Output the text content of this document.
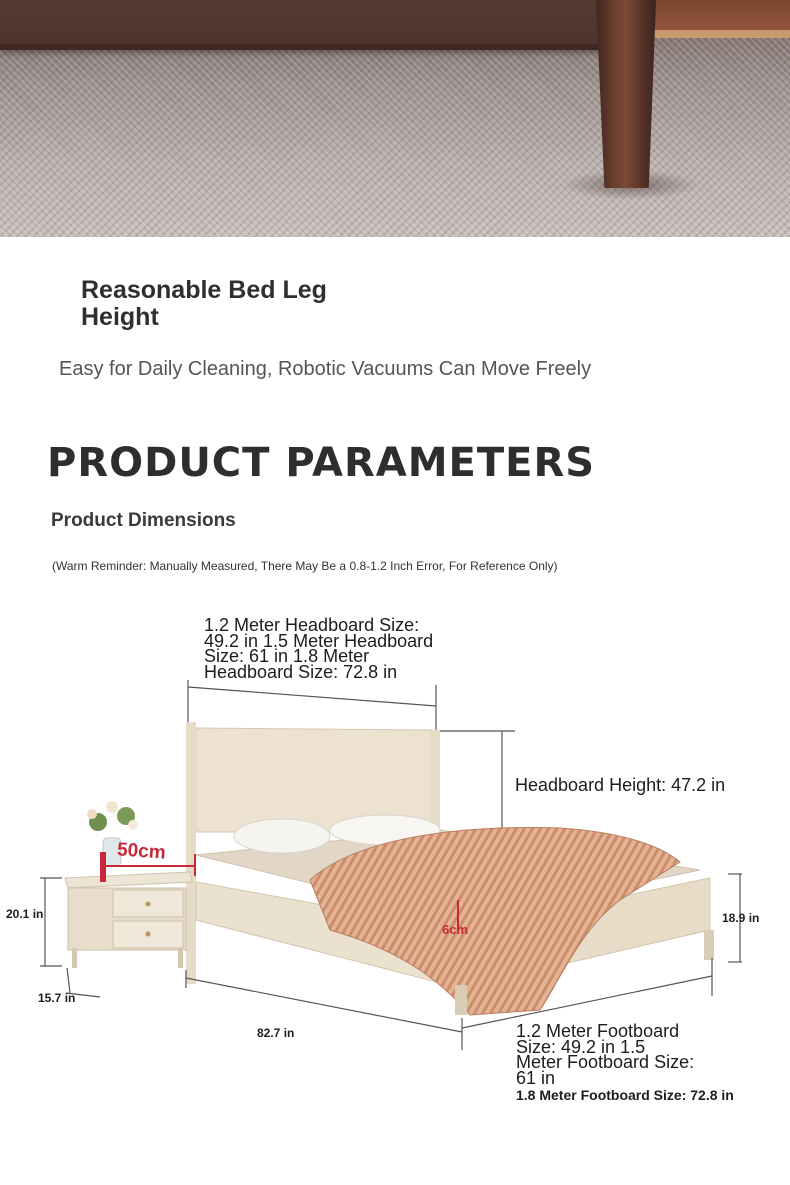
Reasonable Bed Leg Height

Easy for Daily Cleaning, Robotic Vacuums Can Move Freely

PRODUCT PARAMETERS
Product Dimensions

(Warm Reminder: Manually Measured, There May Be a 0.8-1.2 Inch Error, For Reference Only)

1.2 Meter Headboard Size: 49.2 in 1.5 Meter Headboard Size: 61 in 1.8 Meter Headboard Size: 72.8 in

Headboard Height: 47.2 in

20.1 in

15.7 in

82.7 in

18.9 in

1.2 Meter Footboard Size: 49.2 in 1.5 Meter Footboard Size: 61 in

1.8 Meter Footboard Size: 72.8 in

50cm

6cm
